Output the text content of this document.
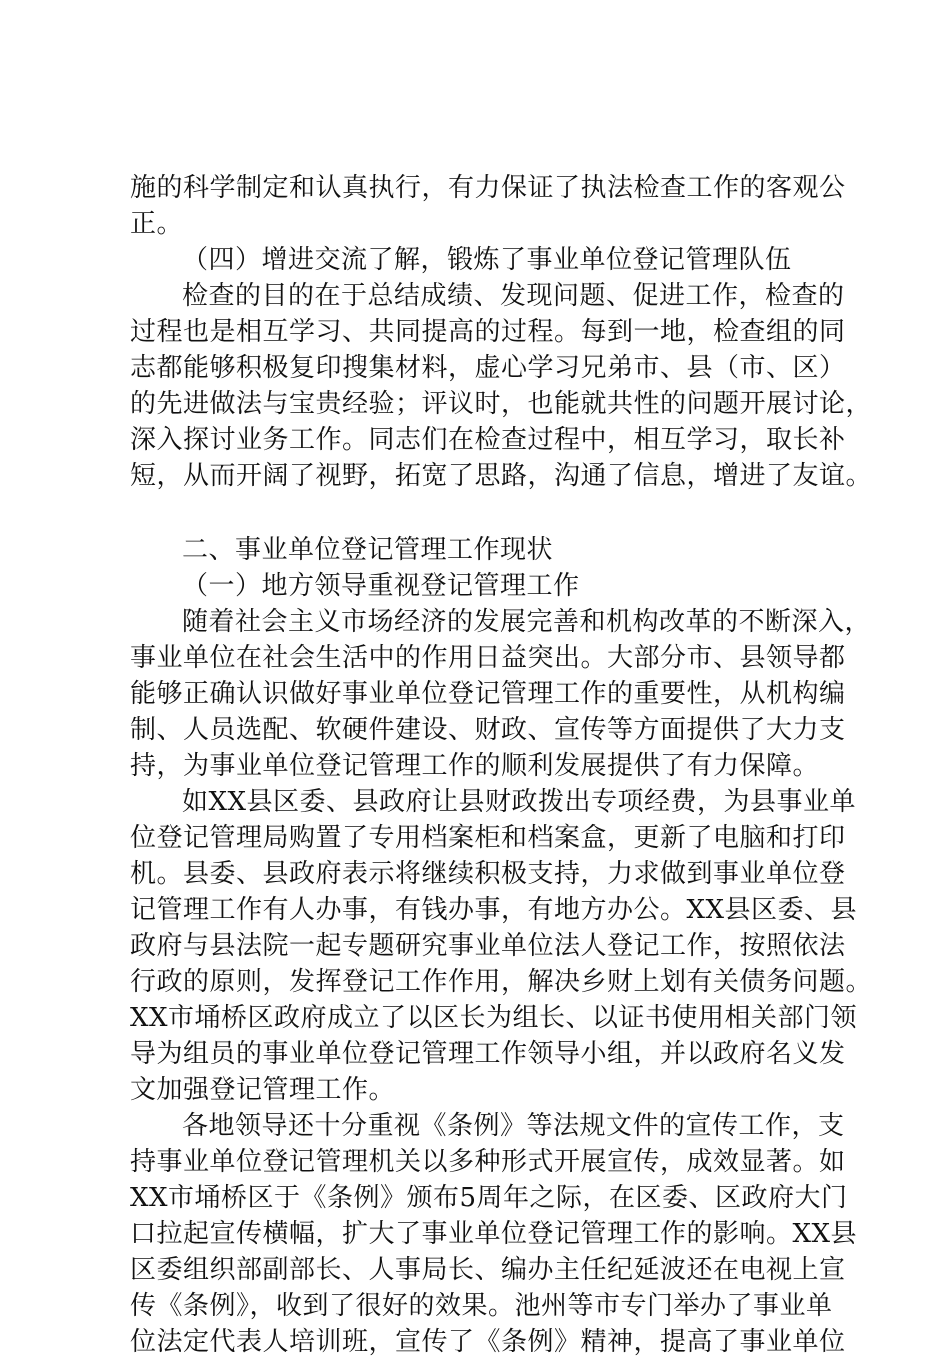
施的科学制定和认真执行，有力保证了执法检查工作的客观公
正。
（四）增进交流了解，锻炼了事业单位登记管理队伍
检查的目的在于总结成绩、发现问题、促进工作，检查的
过程也是相互学习、共同提高的过程。每到一地，检查组的同
志都能够积极复印搜集材料，虚心学习兄弟市、县（市、区）
的先进做法与宝贵经验；评议时，也能就共性的问题开展讨论，
深入探讨业务工作。同志们在检查过程中，相互学习，取长补
短，从而开阔了视野，拓宽了思路，沟通了信息，增进了友谊。
二、事业单位登记管理工作现状
（一）地方领导重视登记管理工作
随着社会主义市场经济的发展完善和机构改革的不断深入，
事业单位在社会生活中的作用日益突出。大部分市、县领导都
能够正确认识做好事业单位登记管理工作的重要性，从机构编
制、人员选配、软硬件建设、财政、宣传等方面提供了大力支
持，为事业单位登记管理工作的顺利发展提供了有力保障。
如XX县区委、县政府让县财政拨出专项经费，为县事业单
位登记管理局购置了专用档案柜和档案盒，更新了电脑和打印
机。县委、县政府表示将继续积极支持，力求做到事业单位登
记管理工作有人办事，有钱办事，有地方办公。XX县区委、县
政府与县法院一起专题研究事业单位法人登记工作，按照依法
行政的原则，发挥登记工作作用，解决乡财上划有关债务问题。
XX市埇桥区政府成立了以区长为组长、以证书使用相关部门领
导为组员的事业单位登记管理工作领导小组，并以政府名义发
文加强登记管理工作。
各地领导还十分重视《条例》等法规文件的宣传工作，支
持事业单位登记管理机关以多种形式开展宣传，成效显著。如
XX市埇桥区于《条例》颁布5周年之际，在区委、区政府大门
口拉起宣传横幅，扩大了事业单位登记管理工作的影响。XX县
区委组织部副部长、人事局长、编办主任纪延波还在电视上宣
传《条例》，收到了很好的效果。池州等市专门举办了事业单
位法定代表人培训班，宣传了《条例》精神，提高了事业单位
